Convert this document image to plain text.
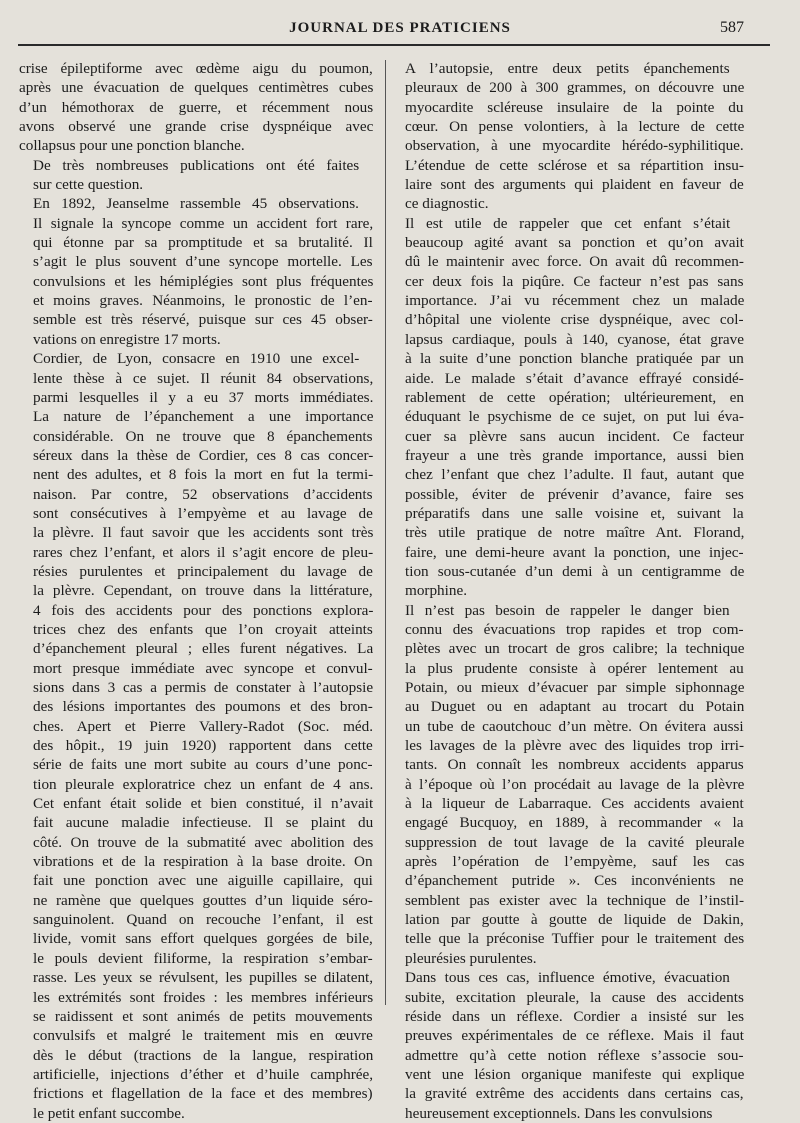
JOURNAL DES PRATICIENS	587

crise épileptiforme avec œdème aigu du poumon,
après une évacuation de quelques centimètres cubes
d’un hémothorax de guerre, et récemment nous
avons observé une grande crise dyspnéique avec
collapsus pour une ponction blanche.

De très nombreuses publications ont été faites
sur cette question.

En 1892, Jeanselme rassemble 45 observations.
Il signale la syncope comme un accident fort rare,
qui étonne par sa promptitude et sa brutalité. Il
s’agit le plus souvent d’une syncope mortelle. Les
convulsions et les hémiplégies sont plus fréquentes
et moins graves. Néanmoins, le pronostic de l’en-
semble est très réservé, puisque sur ces 45 obser-
vations on enregistre 17 morts.

Cordier, de Lyon, consacre en 1910 une excel-
lente thèse à ce sujet. Il réunit 84 observations,
parmi lesquelles il y a eu 37 morts immédiates.
La nature de l’épanchement a une importance
considérable. On ne trouve que 8 épanchements
séreux dans la thèse de Cordier, ces 8 cas concer-
nent des adultes, et 8 fois la mort en fut la termi-
naison. Par contre, 52 observations d’accidents
sont consécutives à l’empyème et au lavage de
la plèvre. Il faut savoir que les accidents sont très
rares chez l’enfant, et alors il s’agit encore de pleu-
résies purulentes et principalement du lavage de
la plèvre. Cependant, on trouve dans la littérature,
4 fois des accidents pour des ponctions explora-
trices chez des enfants que l’on croyait atteints
d’épanchement pleural ; elles furent négatives. La
mort presque immédiate avec syncope et convul-
sions dans 3 cas a permis de constater à l’autopsie
des lésions importantes des poumons et des bron-
ches. Apert et Pierre Vallery-Radot (Soc. méd.
des hôpit., 19 juin 1920) rapportent dans cette
série de faits une mort subite au cours d’une ponc-
tion pleurale exploratrice chez un enfant de 4 ans.
Cet enfant était solide et bien constitué, il n’avait
fait aucune maladie infectieuse. Il se plaint du
côté. On trouve de la submatité avec abolition des
vibrations et de la respiration à la base droite. On
fait une ponction avec une aiguille capillaire, qui
ne ramène que quelques gouttes d’un liquide séro-
sanguinolent. Quand on recouche l’enfant, il est
livide, vomit sans effort quelques gorgées de bile,
le pouls devient filiforme, la respiration s’embar-
rasse. Les yeux se révulsent, les pupilles se dilatent,
les extrémités sont froides : les membres inférieurs
se raidissent et sont animés de petits mouvements
convulsifs et malgré le traitement mis en œuvre
dès le début (tractions de la langue, respiration
artificielle, injections d’éther et d’huile camphrée,
frictions et flagellation de la face et des membres)
le petit enfant succombe.

A l’autopsie, entre deux petits épanchements
pleuraux de 200 à 300 grammes, on découvre une
myocardite scléreuse insulaire de la pointe du
cœur. On pense volontiers, à la lecture de cette
observation, à une myocardite hérédo-syphilitique.
L’étendue de cette sclérose et sa répartition insu-
laire sont des arguments qui plaident en faveur de
ce diagnostic.

Il est utile de rappeler que cet enfant s’était
beaucoup agité avant sa ponction et qu’on avait
dû le maintenir avec force. On avait dû recommen-
cer deux fois la piqûre. Ce facteur n’est pas sans
importance. J’ai vu récemment chez un malade
d’hôpital une violente crise dyspnéique, avec col-
lapsus cardiaque, pouls à 140, cyanose, état grave
à la suite d’une ponction blanche pratiquée par un
aide. Le malade s’était d’avance effrayé considé-
rablement de cette opération; ultérieurement, en
éduquant le psychisme de ce sujet, on put lui éva-
cuer sa plèvre sans aucun incident. Ce facteur
frayeur a une très grande importance, aussi bien
chez l’enfant que chez l’adulte. Il faut, autant que
possible, éviter de prévenir d’avance, faire ses
préparatifs dans une salle voisine et, suivant la
très utile pratique de notre maître Ant. Florand,
faire, une demi-heure avant la ponction, une injec-
tion sous-cutanée d’un demi à un centigramme de
morphine.

Il n’est pas besoin de rappeler le danger bien
connu des évacuations trop rapides et trop com-
plètes avec un trocart de gros calibre; la technique
la plus prudente consiste à opérer lentement au
Potain, ou mieux d’évacuer par simple siphonnage
au Duguet ou en adaptant au trocart du Potain
un tube de caoutchouc d’un mètre. On évitera aussi
les lavages de la plèvre avec des liquides trop irri-
tants. On connaît les nombreux accidents apparus
à l’époque où l’on procédait au lavage de la plèvre
à la liqueur de Labarraque. Ces accidents avaient
engagé Bucquoy, en 1889, à recommander « la
suppression de tout lavage de la cavité pleurale
après l’opération de l’empyème, sauf les cas
d’épanchement putride ». Ces inconvénients ne
semblent pas exister avec la technique de l’instil-
lation par goutte à goutte de liquide de Dakin,
telle que la préconise Tuffier pour le traitement des
pleurésies purulentes.

Dans tous ces cas, influence émotive, évacuation
subite, excitation pleurale, la cause des accidents
réside dans un réflexe. Cordier a insisté sur les
preuves expérimentales de ce réflexe. Mais il faut
admettre qu’à cette notion réflexe s’associe sou-
vent une lésion organique manifeste qui explique
la gravité extrême des accidents dans certains cas,
heureusement exceptionnels. Dans les convulsions
